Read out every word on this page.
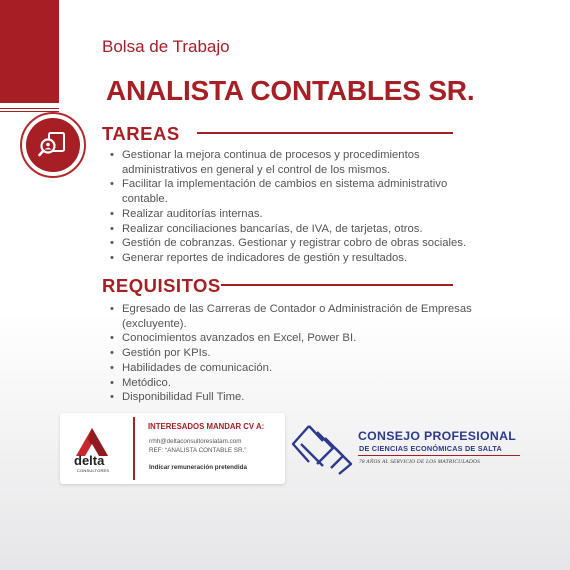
Bolsa de Trabajo
ANALISTA CONTABLES SR.
TAREAS
• Gestionar la mejora continua de procesos y procedimientos
administrativos en general y el control de los mismos.
• Facilitar la implementación de cambios en sistema administrativo
contable.
• Realizar auditorías internas.
• Realizar conciliaciones bancarías, de IVA, de tarjetas, otros.
• Gestión de cobranzas. Gestionar y registrar cobro de obras sociales.
• Generar reportes de indicadores de gestión y resultados.
REQUISITOS
• Egresado de las Carreras de Contador o Administración de Empresas
(excluyente).
• Conocimientos avanzados en Excel, Power BI.
• Gestión por KPIs.
• Habilidades de comunicación.
• Metódico.
• Disponibilidad Full Time.
delta
CONSULTORES
INTERESADOS MANDAR CV A:
rrhh@deltaconsultoreslatam.com
REF: “ANALISTA CONTABLE SR.”
Indicar remuneración pretendida
CONSEJO PROFESIONAL
DE CIENCIAS ECONÓMICAS DE SALTA
78 AÑOS AL SERVICIO DE LOS MATRICULADOS
